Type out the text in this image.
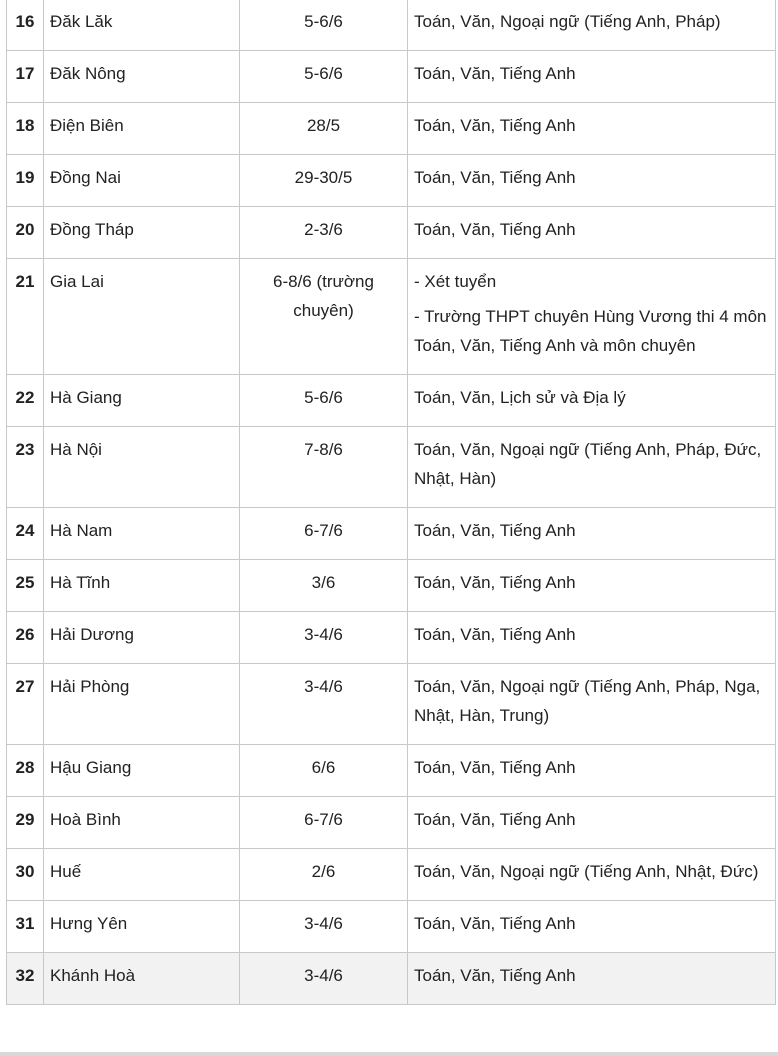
16	Đăk Lăk	5-6/6	Toán, Văn, Ngoại ngữ (Tiếng Anh, Pháp)

17	Đăk Nông	5-6/6	Toán, Văn, Tiếng Anh

18	Điện Biên	28/5	Toán, Văn, Tiếng Anh

19	Đồng Nai	29-30/5	Toán, Văn, Tiếng Anh

20	Đồng Tháp	2-3/6	Toán, Văn, Tiếng Anh

21	Gia Lai	6-8/6 (trường chuyên)	- Xét tuyển
- Trường THPT chuyên Hùng Vương thi 4 môn Toán, Văn, Tiếng Anh và môn chuyên

22	Hà Giang	5-6/6	Toán, Văn, Lịch sử và Địa lý

23	Hà Nội	7-8/6	Toán, Văn, Ngoại ngữ (Tiếng Anh, Pháp, Đức, Nhật, Hàn)

24	Hà Nam	6-7/6	Toán, Văn, Tiếng Anh

25	Hà Tĩnh	3/6	Toán, Văn, Tiếng Anh

26	Hải Dương	3-4/6	Toán, Văn, Tiếng Anh

27	Hải Phòng	3-4/6	Toán, Văn, Ngoại ngữ (Tiếng Anh, Pháp, Nga, Nhật, Hàn, Trung)

28	Hậu Giang	6/6	Toán, Văn, Tiếng Anh

29	Hoà Bình	6-7/6	Toán, Văn, Tiếng Anh

30	Huế	2/6	Toán, Văn, Ngoại ngữ (Tiếng Anh, Nhật, Đức)

31	Hưng Yên	3-4/6	Toán, Văn, Tiếng Anh

32	Khánh Hoà	3-4/6	Toán, Văn, Tiếng Anh
